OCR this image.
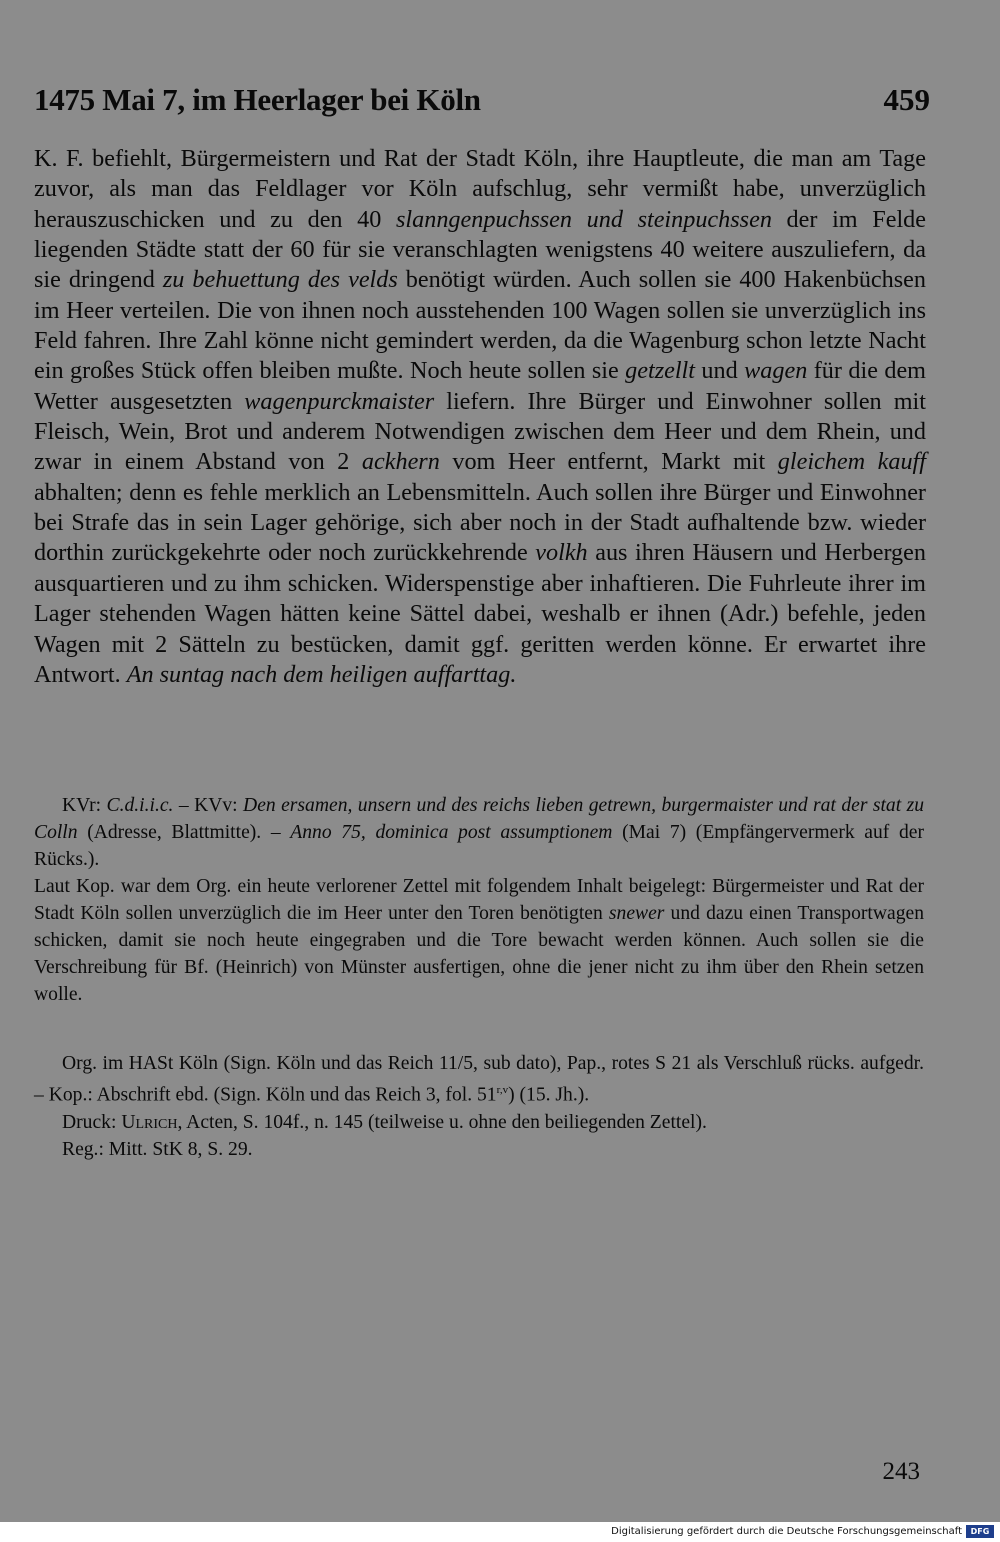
1475 Mai 7, im Heerlager bei Köln	459

K. F. befiehlt, Bürgermeistern und Rat der Stadt Köln, ihre Hauptleute, die man am Tage zuvor, als man das Feldlager vor Köln aufschlug, sehr vermißt habe, unverzüglich herauszuschicken und zu den 40 slanngenpuchssen und steinpuchssen der im Felde liegenden Städte statt der 60 für sie veranschlagten wenigstens 40 weitere auszuliefern, da sie dringend zu behuettung des velds benötigt würden. Auch sollen sie 400 Hakenbüchsen im Heer verteilen. Die von ihnen noch ausstehenden 100 Wagen sollen sie unverzüglich ins Feld fahren. Ihre Zahl könne nicht gemindert werden, da die Wagenburg schon letzte Nacht ein großes Stück offen bleiben mußte. Noch heute sollen sie getzellt und wagen für die dem Wetter ausgesetzten wagenpurckmaister liefern. Ihre Bürger und Einwohner sollen mit Fleisch, Wein, Brot und anderem Notwendigen zwischen dem Heer und dem Rhein, und zwar in einem Abstand von 2 ackhern vom Heer entfernt, Markt mit gleichem kauff abhalten; denn es fehle merklich an Lebensmitteln. Auch sollen ihre Bürger und Einwohner bei Strafe das in sein Lager gehörige, sich aber noch in der Stadt aufhaltende bzw. wieder dorthin zurückgekehrte oder noch zurückkehrende volkh aus ihren Häusern und Herbergen ausquartieren und zu ihm schicken. Widerspenstige aber inhaftieren. Die Fuhrleute ihrer im Lager stehenden Wagen hätten keine Sättel dabei, weshalb er ihnen (Adr.) befehle, jeden Wagen mit 2 Sätteln zu bestücken, damit ggf. geritten werden könne. Er erwartet ihre Antwort. An suntag nach dem heiligen auffarttag.

KVr: C.d.i.i.c. – KVv: Den ersamen, unsern und des reichs lieben getrewn, burgermaister und rat der stat zu Colln (Adresse, Blattmitte). – Anno 75, dominica post assumptionem (Mai 7) (Empfängervermerk auf der Rücks.).

Laut Kop. war dem Org. ein heute verlorener Zettel mit folgendem Inhalt beigelegt: Bürgermeister und Rat der Stadt Köln sollen unverzüglich die im Heer unter den Toren benötigten snewer und dazu einen Transportwagen schicken, damit sie noch heute eingegraben und die Tore bewacht werden können. Auch sollen sie die Verschreibung für Bf. (Heinrich) von Münster ausfertigen, ohne die jener nicht zu ihm über den Rhein setzen wolle.

Org. im HASt Köln (Sign. Köln und das Reich 11/5, sub dato), Pap., rotes S 21 als Verschluß rücks. aufgedr. – Kop.: Abschrift ebd. (Sign. Köln und das Reich 3, fol. 51$^{r,v}$) (15. Jh.).

Druck: Ulrich, Acten, S. 104f., n. 145 (teilweise u. ohne den beiliegenden Zettel).

Reg.: Mitt. StK 8, S. 29.

243
Digitalisierung gefördert durch die Deutsche Forschungsgemeinschaft	DFG
